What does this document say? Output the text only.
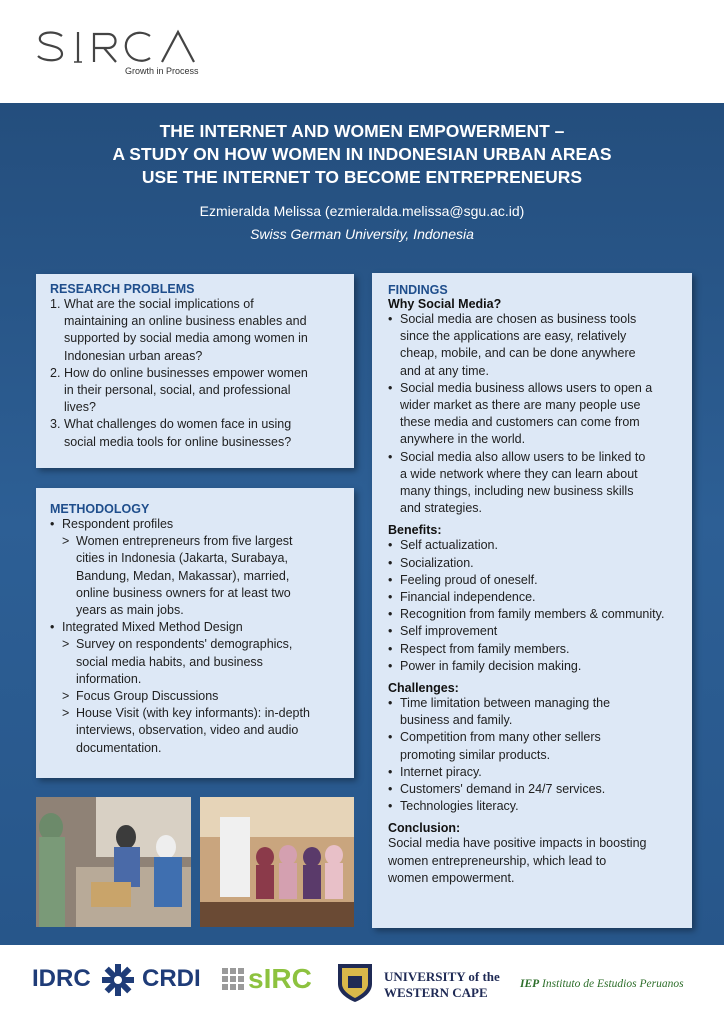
Growth in Process
THE INTERNET AND WOMEN EMPOWERMENT –
A STUDY ON HOW WOMEN IN INDONESIAN URBAN AREAS
USE THE INTERNET TO BECOME ENTREPRENEURS
Ezmieralda Melissa (ezmieralda.melissa@sgu.ac.id)
Swiss German University, Indonesia
RESEARCH PROBLEMS
1. What are the social implications of
maintaining an online business enables and
supported by social media among women in
Indonesian urban areas?
2. How do online businesses empower women
in their personal, social, and professional
lives?
3. What challenges do women face in using
social media tools for online businesses?
METHODOLOGY
• Respondent profiles
> Women entrepreneurs from five largest
cities in Indonesia (Jakarta, Surabaya,
Bandung, Medan, Makassar), married,
online business owners for at least two
years as main jobs.
• Integrated Mixed Method Design
> Survey on respondents' demographics,
social media habits, and business
information.
> Focus Group Discussions
> House Visit (with key informants): in-depth
interviews, observation, video and audio
documentation.
FINDINGS
Why Social Media?
• Social media are chosen as business tools
since the applications are easy, relatively
cheap, mobile, and can be done anywhere
and at any time.
• Social media business allows users to open a
wider market as there are many people use
these media and customers can come from
anywhere in the world.
• Social media also allow users to be linked to
a wide network where they can learn about
many things, including new business skills
and strategies.
Benefits:
• Self actualization.
• Socialization.
• Feeling proud of oneself.
• Financial independence.
• Recognition from family members & community.
• Self improvement
• Respect from family members.
• Power in family decision making.
Challenges:
• Time limitation between managing the
business and family.
• Competition from many other sellers
promoting similar products.
• Internet piracy.
• Customers' demand in 24/7 services.
• Technologies literacy.
Conclusion:
Social media have positive impacts in boosting
women entrepreneurship, which lead to
women empowerment.
IDRC CRDI sIRC	UNIVERSITY of the
WESTERN CAPE
IEP Instituto de Estudios Peruanos
